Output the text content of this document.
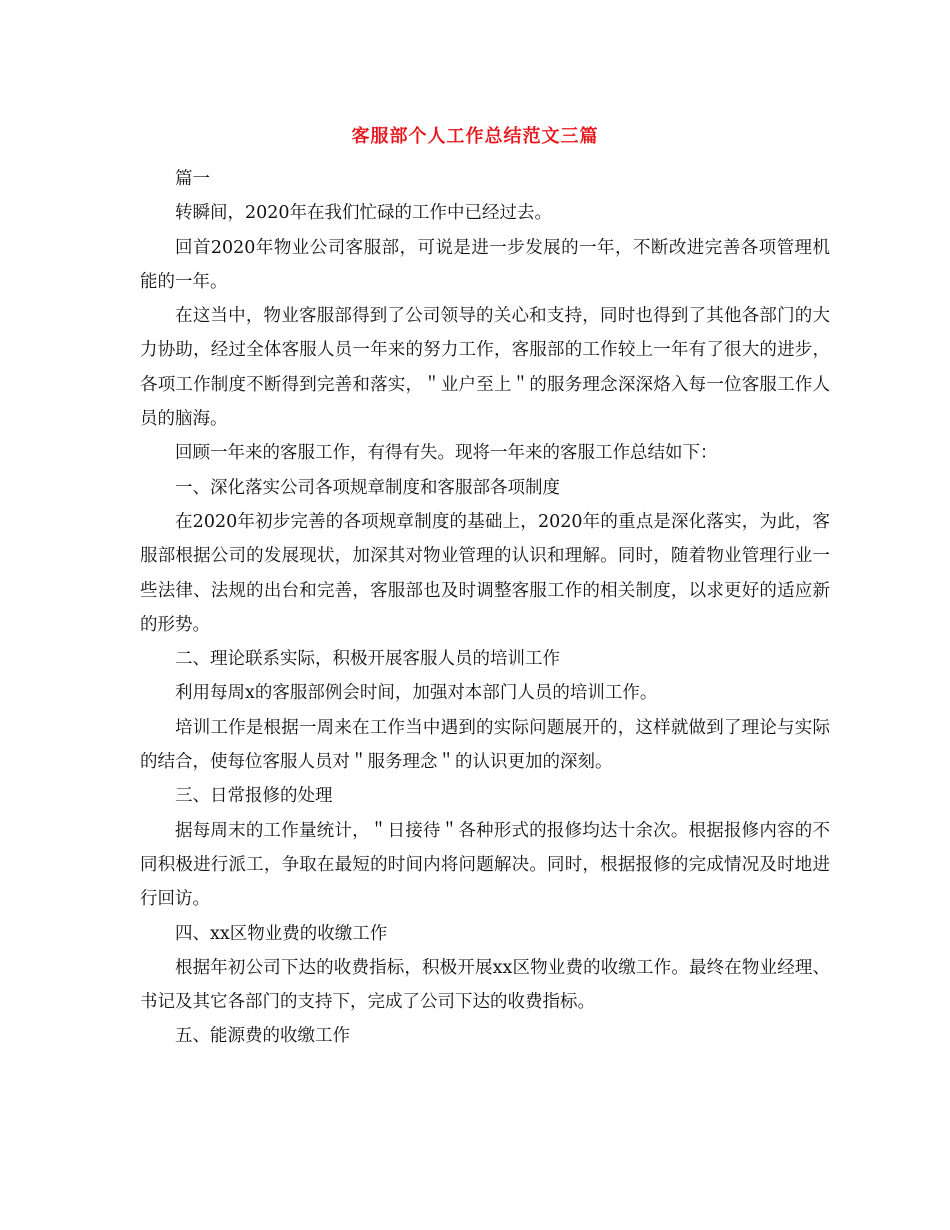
客服部个人工作总结范文三篇

篇一

转瞬间，2020年在我们忙碌的工作中已经过去。

回首2020年物业公司客服部，可说是进一步发展的一年，不断改进完善各项管理机能的一年。

在这当中，物业客服部得到了公司领导的关心和支持，同时也得到了其他各部门的大力协助，经过全体客服人员一年来的努力工作，客服部的工作较上一年有了很大的进步，各项工作制度不断得到完善和落实，＂业户至上＂的服务理念深深烙入每一位客服工作人员的脑海。

回顾一年来的客服工作，有得有失。现将一年来的客服工作总结如下：

一、深化落实公司各项规章制度和客服部各项制度

在2020年初步完善的各项规章制度的基础上，2020年的重点是深化落实，为此，客服部根据公司的发展现状，加深其对物业管理的认识和理解。同时，随着物业管理行业一些法律、法规的出台和完善，客服部也及时调整客服工作的相关制度，以求更好的适应新的形势。

二、理论联系实际，积极开展客服人员的培训工作

利用每周x的客服部例会时间，加强对本部门人员的培训工作。

培训工作是根据一周来在工作当中遇到的实际问题展开的，这样就做到了理论与实际的结合，使每位客服人员对＂服务理念＂的认识更加的深刻。

三、日常报修的处理

据每周末的工作量统计，＂日接待＂各种形式的报修均达十余次。根据报修内容的不同积极进行派工，争取在最短的时间内将问题解决。同时，根据报修的完成情况及时地进行回访。

四、xx区物业费的收缴工作

根据年初公司下达的收费指标，积极开展xx区物业费的收缴工作。最终在物业经理、书记及其它各部门的支持下，完成了公司下达的收费指标。

五、能源费的收缴工作
